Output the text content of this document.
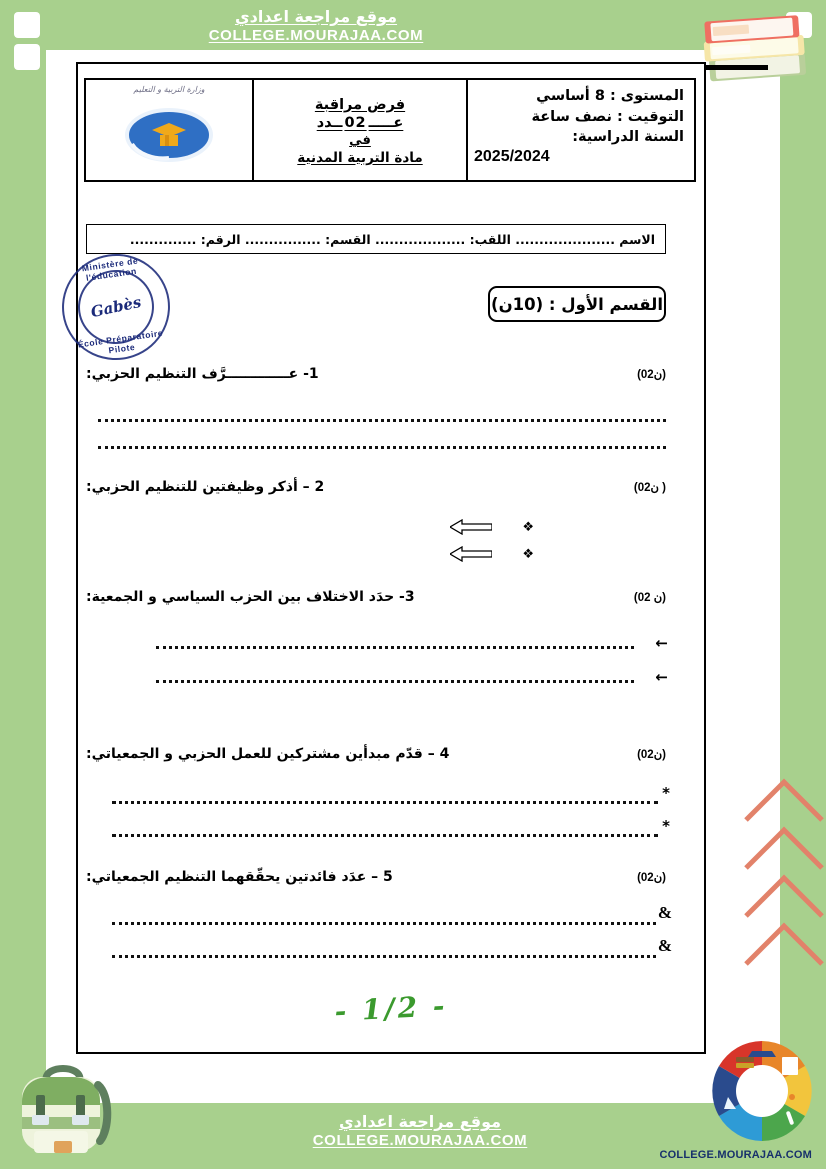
موقع مراجعة اعدادي
COLLEGE.MOURAJAA.COM
موقع مراجعة اعدادي
COLLEGE.MOURAJAA.COM
COLLEGE.MOURAJAA.COM
المستوى : 8 أساسي
التوقيت : نصف ساعة
السنة الدراسية:
2025/2024
فرض مراقبة
عـــــ
02
ــدد
في
مادة التربية المدنية
وزارة التربية و التعليم
الاسم ..................... اللقب: ................... القسم: ................ الرقم: ..............
القسم الأول : (10ن)
(02ن)
1- عـــــــــــــرَّف التنظيم الحزبي:
(02ن )
2 – أذكر وظيفتين للتنظيم الحزبي:
❖
❖
(02 ن)
3- حدَد الاختلاف بين الحزب السياسي و الجمعية:
←
←
(02ن)
4 – قدّم مبدأين مشتركين للعمل الحزبي و الجمعياتي:
*
*
(02ن)
5 – عدَد فائدتين يحقّقهما التنظيم الجمعياتي:
&
&
- 1/2 -
Ministère de l'éducation
Gabès
École Préparatoire Pilote
